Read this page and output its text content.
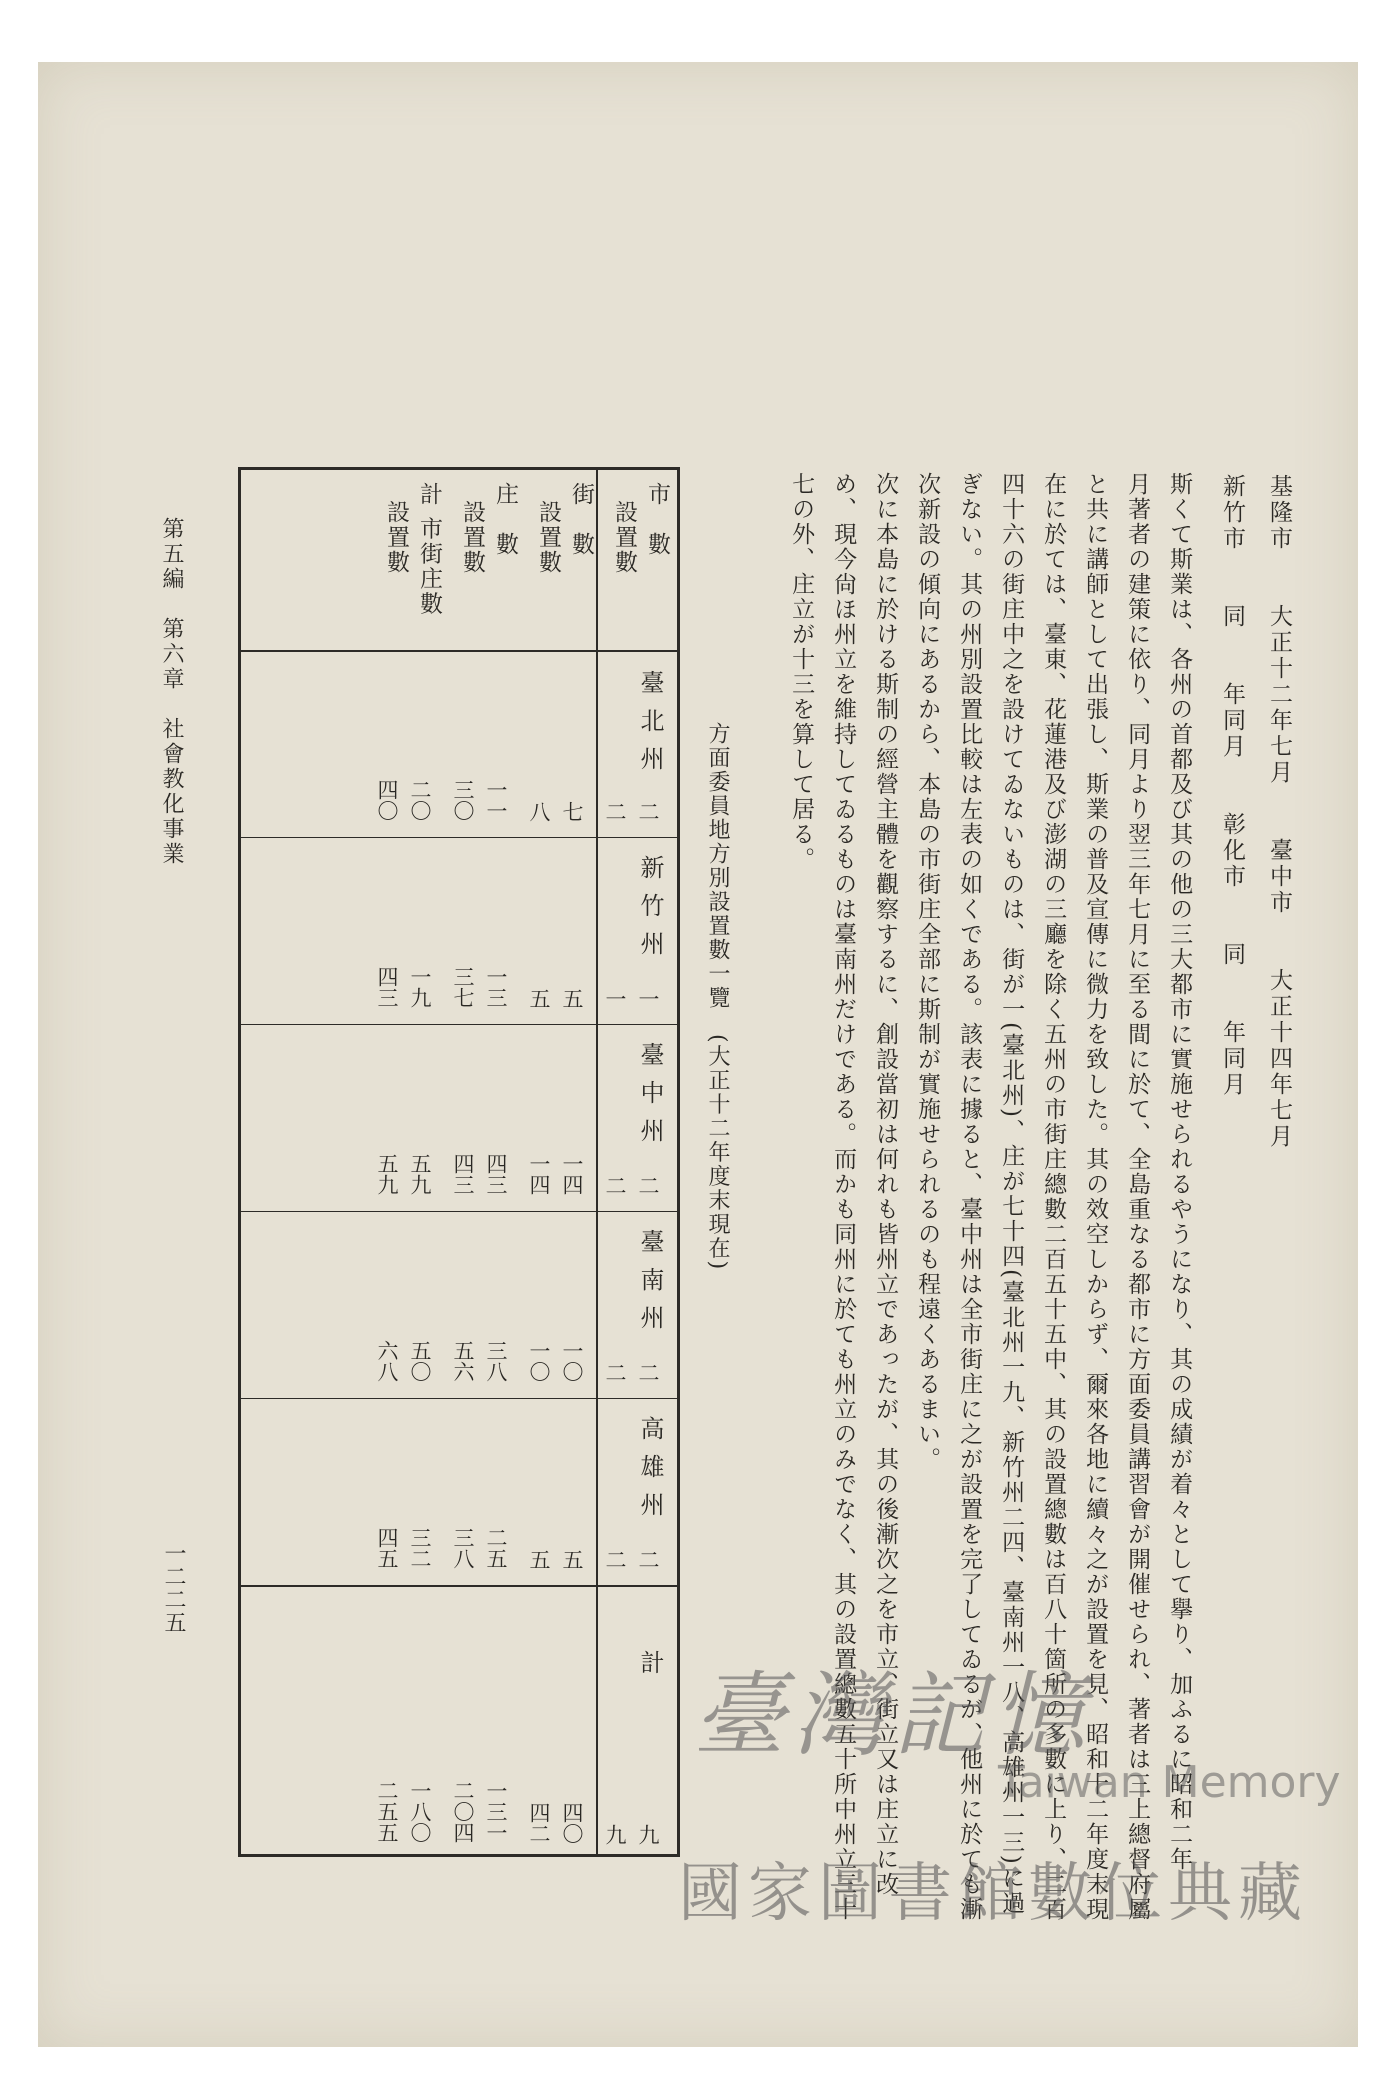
基隆市　　大正十二年七月　　臺中市　　大正十四年七月
新竹市　　同　　年同月　　彰化市　　同　　年同月
斯くて斯業は、各州の首都及び其の他の三大都市に實施せられるやうになり、其の成績が着々として擧り、加ふるに昭和二年
月著者の建策に依り、同月より翌三年七月に至る間に於て、全島重なる都市に方面委員講習會が開催せられ、著者は三上總督府屬
と共に講師として出張し、斯業の普及宣傳に微力を致した。其の效空しからず、爾來各地に續々之が設置を見、昭和十二年度末現
在に於ては、臺東、花蓮港及び澎湖の三廳を除く五州の市街庄總數二百五十五中、其の設置總數は百八十箇所の多數に上り、二百
四十六の街庄中之を設けてゐないものは、街が一(臺北州)、庄が七十四(臺北州一九、新竹州二四、臺南州一八、高雄州一三)に過
ぎない。其の州別設置比較は左表の如くである。該表に據ると、臺中州は全市街庄に之が設置を完了してゐるが、他州に於ても漸
次新設の傾向にあるから、本島の市街庄全部に斯制が實施せられるのも程遠くあるまい。
次に本島に於ける斯制の經營主體を觀察するに、創設當初は何れも皆州立であったが、其の後漸次之を市立、街立又は庄立に改
め、現今尙ほ州立を維持してゐるものは臺南州だけである。而かも同州に於ても州立のみでなく、其の設置總數五十所中州立三十
七の外、庄立が十三を算して居る。
方面委員地方別設置數一覽　(大正十二年度末現在)
市　數
設置數
街　數
設置數
庄　數
設置數
計 市街庄數
設置數
臺北州
新竹州
臺中州
臺南州
高雄州
計
二
二
七
八
一一
三〇
二〇
四〇
一
一
五
五
一三
三七
一九
四三
二
二
一四
一四
四三
四三
五九
五九
二
二
一〇
一〇
三八
五六
五〇
六八
二
二
五
五
二五
三八
三二
四五
九
九
四〇
四二
一三一
二〇四
一八〇
二五五
第五編　第六章　社會教化事業
一二二五
臺灣記憶
Taiwan Memory
國家圖書館數位典藏
